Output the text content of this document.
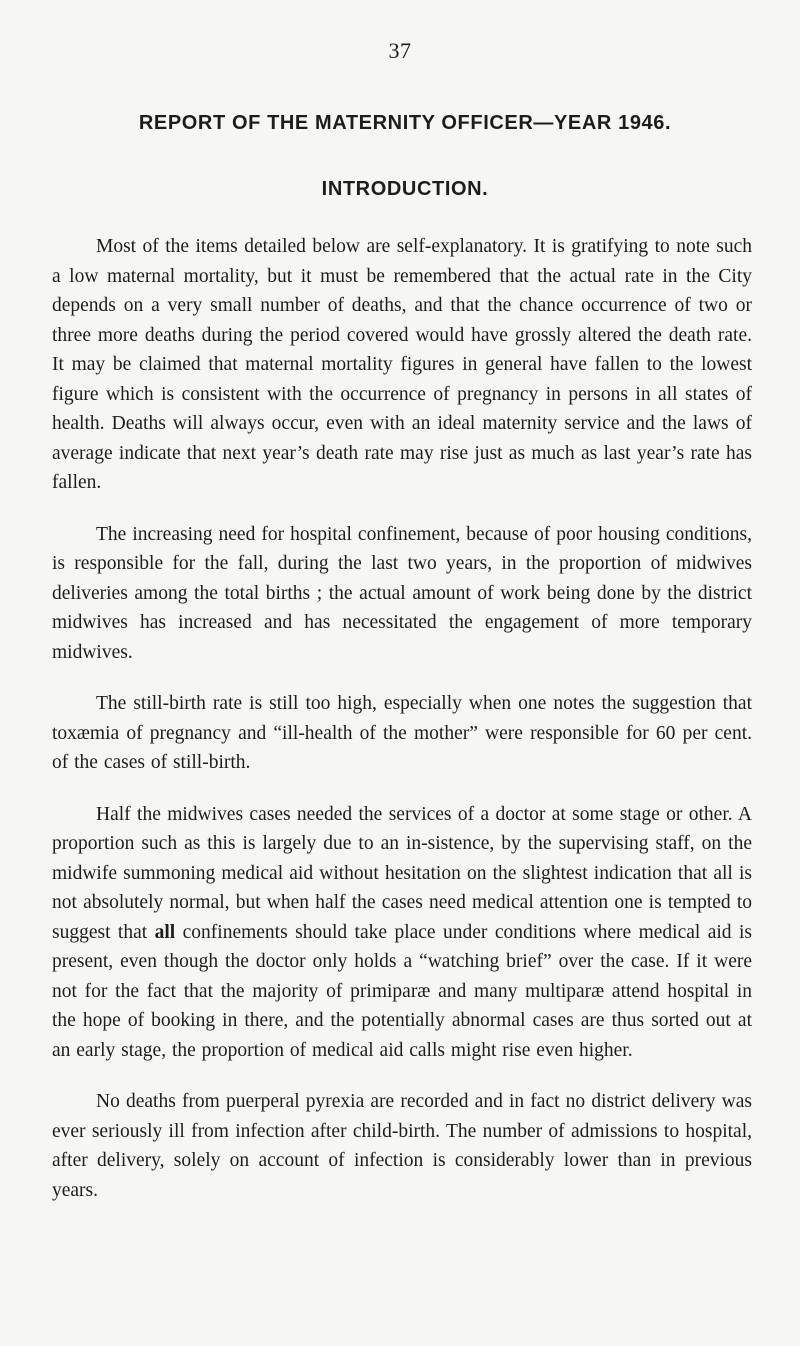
37
REPORT OF THE MATERNITY OFFICER—YEAR 1946.
INTRODUCTION.

Most of the items detailed below are self-explanatory. It is gratifying to note such a low maternal mortality, but it must be remembered that the actual rate in the City depends on a very small number of deaths, and that the chance occurrence of two or three more deaths during the period covered would have grossly altered the death rate. It may be claimed that maternal mortality figures in general have fallen to the lowest figure which is consistent with the occurrence of pregnancy in persons in all states of health. Deaths will always occur, even with an ideal maternity service and the laws of average indicate that next year’s death rate may rise just as much as last year’s rate has fallen.

The increasing need for hospital confinement, because of poor housing conditions, is responsible for the fall, during the last two years, in the proportion of midwives deliveries among the total births ; the actual amount of work being done by the district midwives has increased and has necessitated the engagement of more temporary midwives.

The still-birth rate is still too high, especially when one notes the suggestion that toxæmia of pregnancy and “ill-health of the mother” were responsible for 60 per cent. of the cases of still-birth.

Half the midwives cases needed the services of a doctor at some stage or other. A proportion such as this is largely due to an in-sistence, by the supervising staff, on the midwife summoning medical aid without hesitation on the slightest indication that all is not absolutely normal, but when half the cases need medical attention one is tempted to suggest that all confinements should take place under conditions where medical aid is present, even though the doctor only holds a “watching brief” over the case. If it were not for the fact that the majority of primiparæ and many multiparæ attend hospital in the hope of booking in there, and the potentially abnormal cases are thus sorted out at an early stage, the proportion of medical aid calls might rise even higher.

No deaths from puerperal pyrexia are recorded and in fact no district delivery was ever seriously ill from infection after child-birth. The number of admissions to hospital, after delivery, solely on account of infection is considerably lower than in previous years.
